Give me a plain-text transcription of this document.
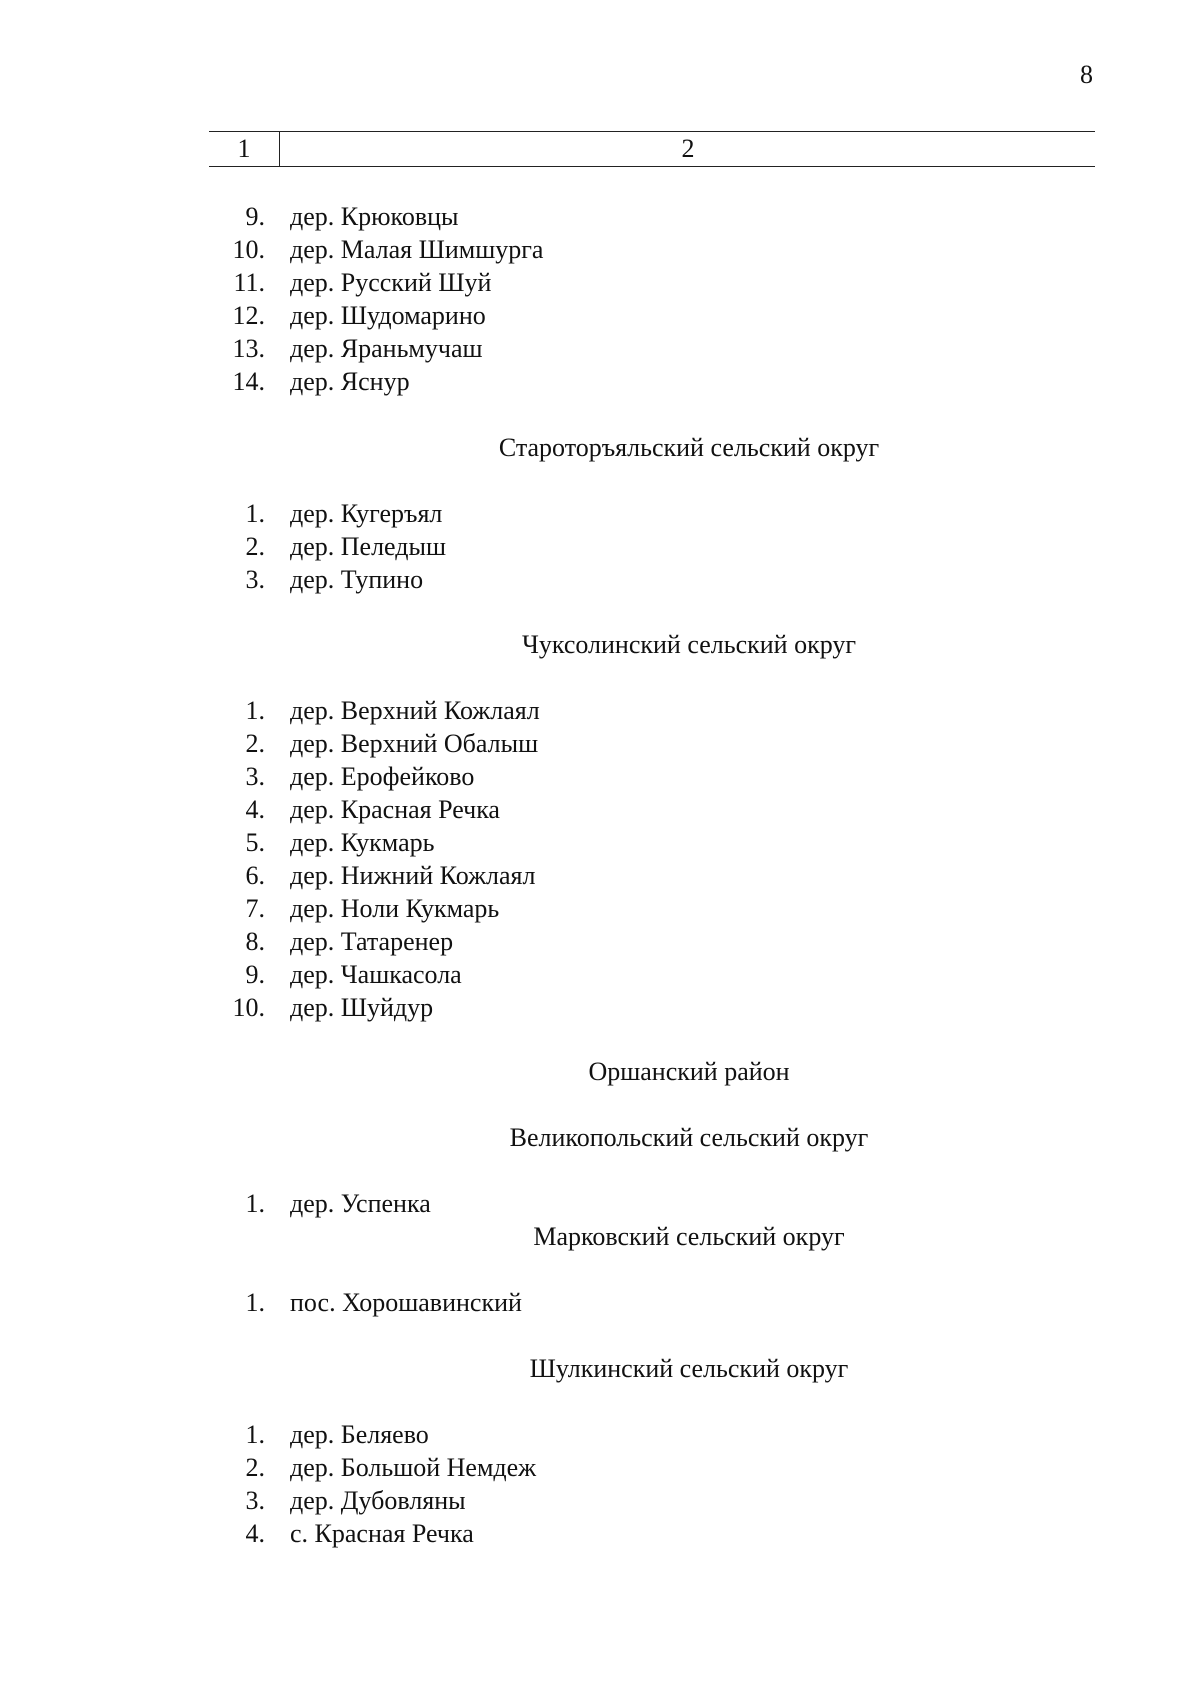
8
1	2
9. дер. Крюковцы
10. дер. Малая Шимшурга
11. дер. Русский Шуй
12. дер. Шудомарино
13. дер. Яраньмучаш
14. дер. Яснур
Староторъяльский сельский округ
1. дер. Кугеръял
2. дер. Пеледыш
3. дер. Тупино
Чуксолинский сельский округ
1. дер. Верхний Кожлаял
2. дер. Верхний Обалыш
3. дер. Ерофейково
4. дер. Красная Речка
5. дер. Кукмарь
6. дер. Нижний Кожлаял
7. дер. Ноли Кукмарь
8. дер. Татаренер
9. дер. Чашкасола
10. дер. Шуйдур
Оршанский район
Великопольский сельский округ
1. дер. Успенка
Марковский сельский округ
1. пос. Хорошавинский
Шулкинский сельский округ
1. дер. Беляево
2. дер. Большой Немдеж
3. дер. Дубовляны
4. с. Красная Речка
